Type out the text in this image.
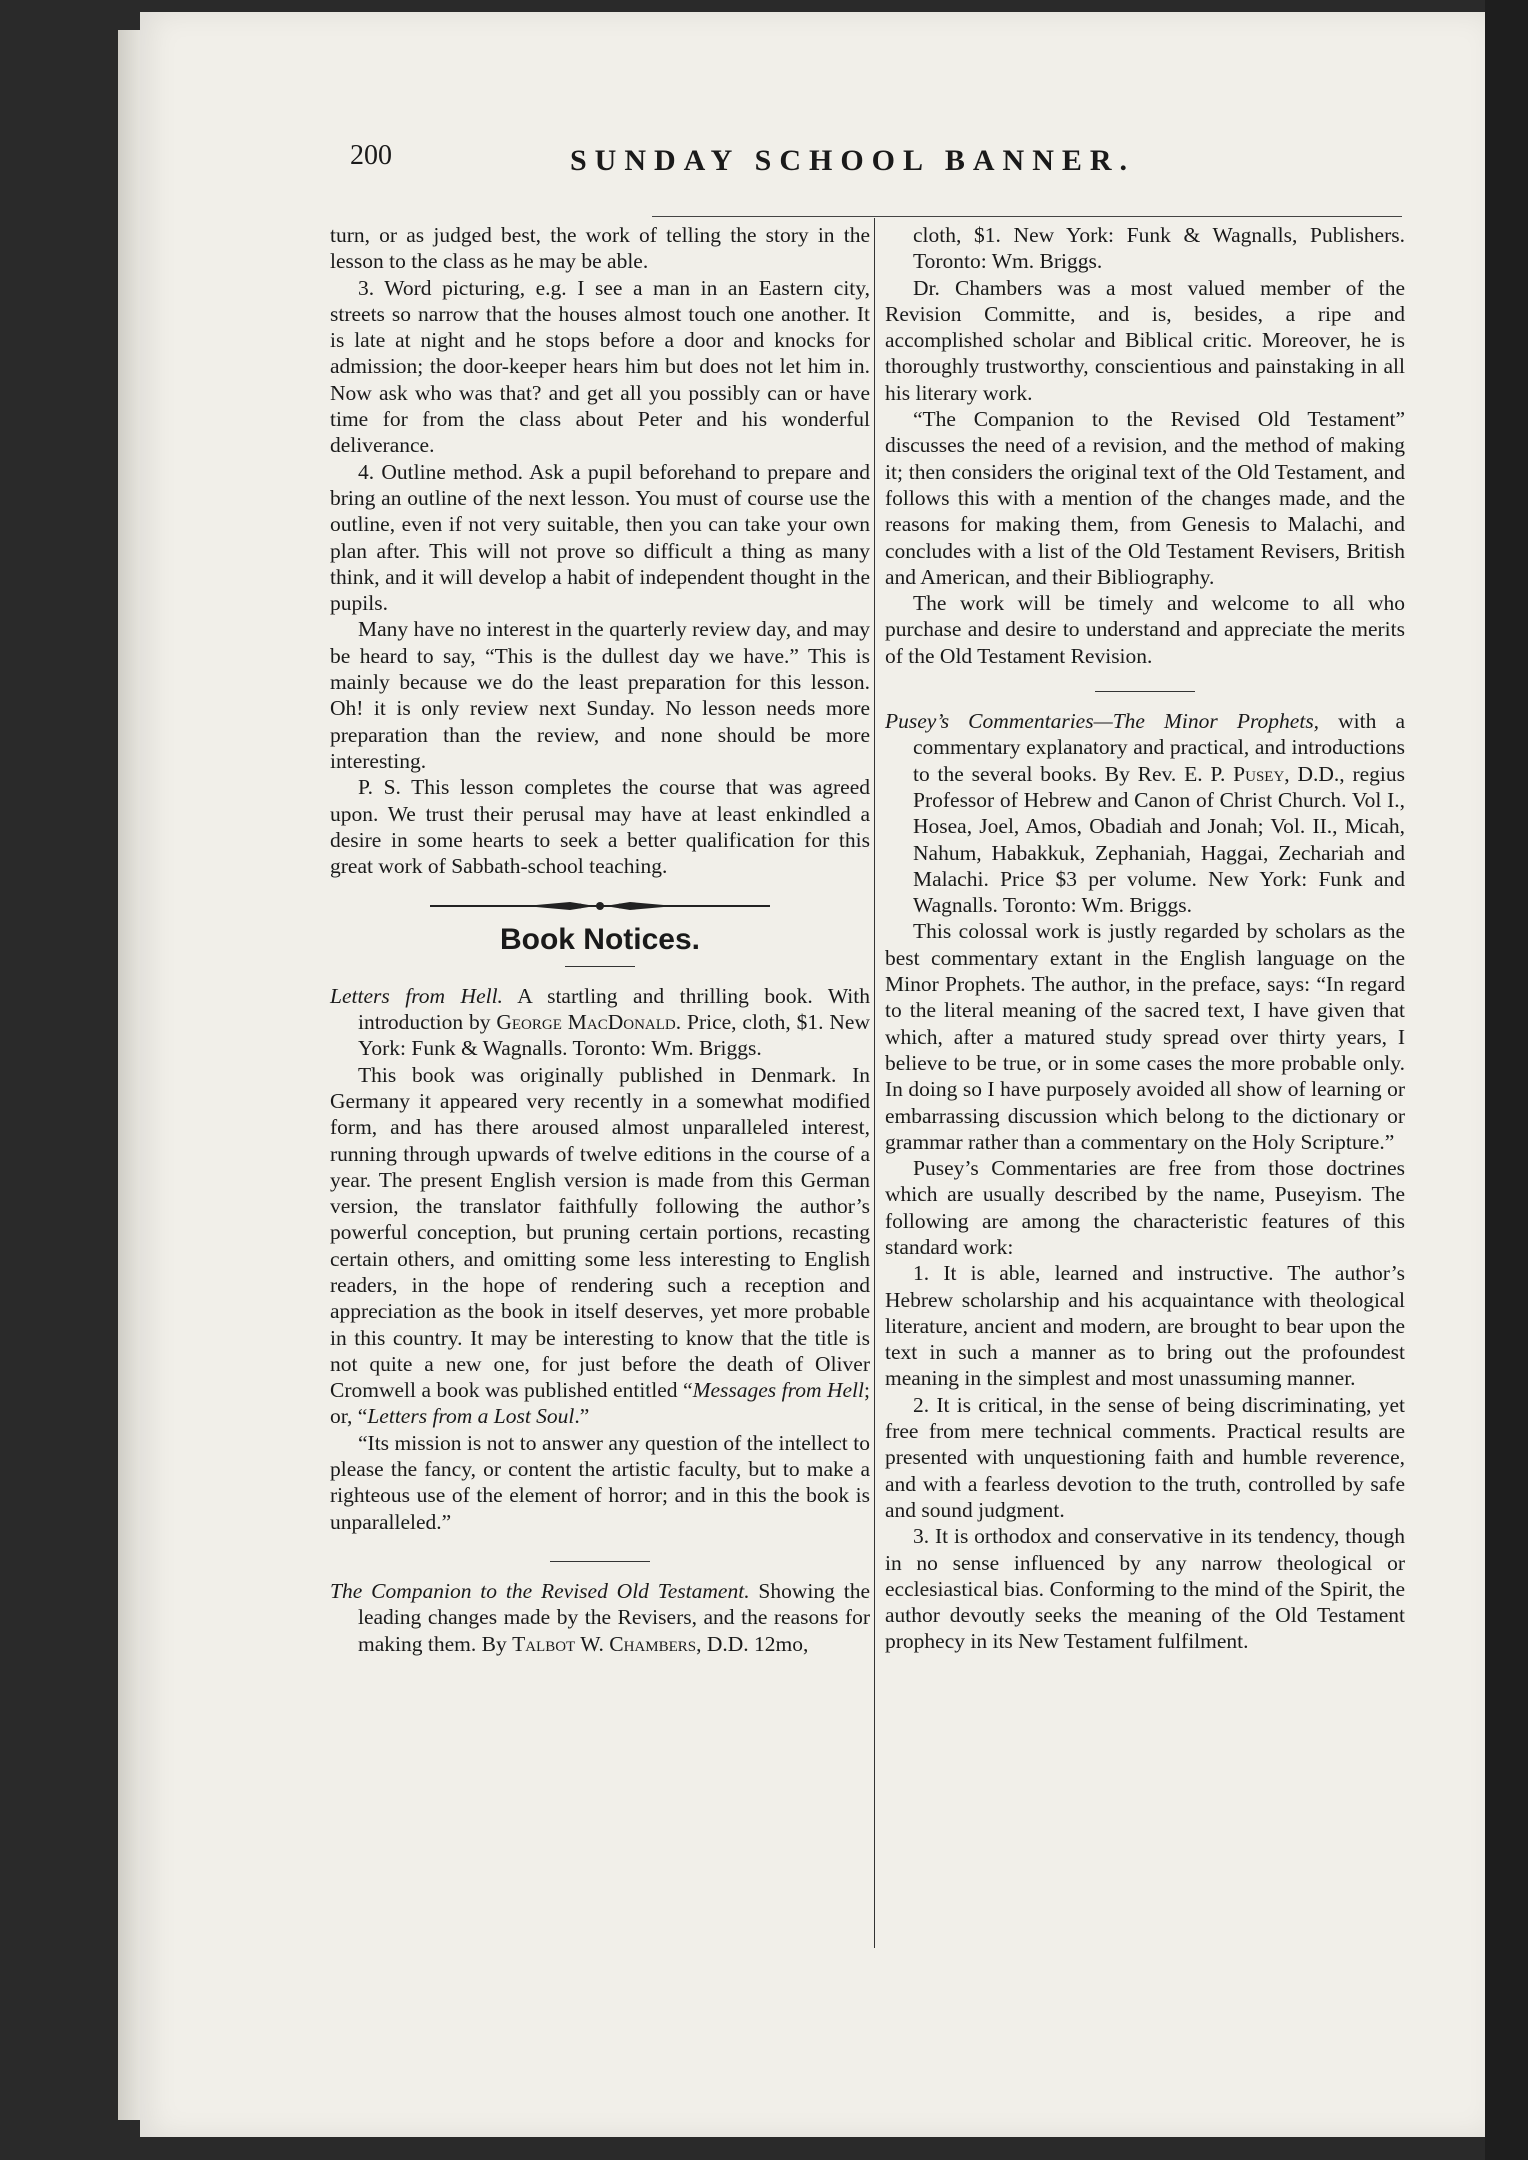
200	SUNDAY SCHOOL BANNER.

turn, or as judged best, the work of telling the story in the lesson to the class as he may be able.

3. Word picturing, e.g. I see a man in an Eastern city, streets so narrow that the houses almost touch one another. It is late at night and he stops before a door and knocks for admission; the door-keeper hears him but does not let him in. Now ask who was that? and get all you possibly can or have time for from the class about Peter and his wonderful deliverance.

4. Outline method. Ask a pupil beforehand to prepare and bring an outline of the next lesson. You must of course use the outline, even if not very suitable, then you can take your own plan after. This will not prove so difficult a thing as many think, and it will develop a habit of independent thought in the pupils.

Many have no interest in the quarterly review day, and may be heard to say, “This is the dullest day we have.” This is mainly because we do the least preparation for this lesson. Oh! it is only review next Sunday. No lesson needs more preparation than the review, and none should be more interesting.

P. S. This lesson completes the course that was agreed upon. We trust their perusal may have at least enkindled a desire in some hearts to seek a better qualification for this great work of Sabbath-school teaching.

Book Notices.

Letters from Hell. A startling and thrilling book. With introduction by George MacDonald. Price, cloth, $1. New York: Funk & Wagnalls. Toronto: Wm. Briggs.

This book was originally published in Denmark. In Germany it appeared very recently in a somewhat modified form, and has there aroused almost unparalleled interest, running through upwards of twelve editions in the course of a year. The present English version is made from this German version, the translator faithfully following the author’s powerful conception, but pruning certain portions, recasting certain others, and omitting some less interesting to English readers, in the hope of rendering such a reception and appreciation as the book in itself deserves, yet more probable in this country. It may be interesting to know that the title is not quite a new one, for just before the death of Oliver Cromwell a book was published entitled “Messages from Hell; or, “Letters from a Lost Soul.”

“Its mission is not to answer any question of the intellect to please the fancy, or content the artistic faculty, but to make a righteous use of the element of horror; and in this the book is unparalleled.”

The Companion to the Revised Old Testament. Showing the leading changes made by the Revisers, and the reasons for making them. By Talbot W. Chambers, D.D. 12mo,

cloth, $1. New York: Funk & Wagnalls, Publishers. Toronto: Wm. Briggs.

Dr. Chambers was a most valued member of the Revision Committe, and is, besides, a ripe and accomplished scholar and Biblical critic. Moreover, he is thoroughly trustworthy, conscientious and painstaking in all his literary work.

“The Companion to the Revised Old Testament” discusses the need of a revision, and the method of making it; then considers the original text of the Old Testament, and follows this with a mention of the changes made, and the reasons for making them, from Genesis to Malachi, and concludes with a list of the Old Testament Revisers, British and American, and their Bibliography.

The work will be timely and welcome to all who purchase and desire to understand and appreciate the merits of the Old Testament Revision.

Pusey’s Commentaries—The Minor Prophets, with a commentary explanatory and practical, and introductions to the several books. By Rev. E. P. Pusey, D.D., regius Professor of Hebrew and Canon of Christ Church. Vol I., Hosea, Joel, Amos, Obadiah and Jonah; Vol. II., Micah, Nahum, Habakkuk, Zephaniah, Haggai, Zechariah and Malachi. Price $3 per volume. New York: Funk and Wagnalls. Toronto: Wm. Briggs.

This colossal work is justly regarded by scholars as the best commentary extant in the English language on the Minor Prophets. The author, in the preface, says: “In regard to the literal meaning of the sacred text, I have given that which, after a matured study spread over thirty years, I believe to be true, or in some cases the more probable only. In doing so I have purposely avoided all show of learning or embarrassing discussion which belong to the dictionary or grammar rather than a commentary on the Holy Scripture.”

Pusey’s Commentaries are free from those doctrines which are usually described by the name, Puseyism. The following are among the characteristic features of this standard work:

1. It is able, learned and instructive. The author’s Hebrew scholarship and his acquaintance with theological literature, ancient and modern, are brought to bear upon the text in such a manner as to bring out the profoundest meaning in the simplest and most unassuming manner.

2. It is critical, in the sense of being discriminating, yet free from mere technical comments. Practical results are presented with unquestioning faith and humble reverence, and with a fearless devotion to the truth, controlled by safe and sound judgment.

3. It is orthodox and conservative in its tendency, though in no sense influenced by any narrow theological or ecclesiastical bias. Conforming to the mind of the Spirit, the author devoutly seeks the meaning of the Old Testament prophecy in its New Testament fulfilment.
